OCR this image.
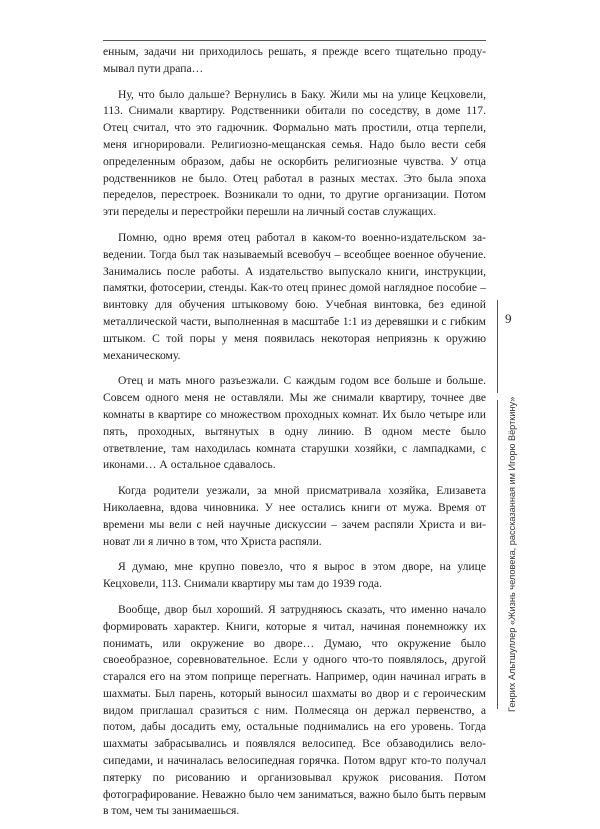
енным, задачи ни приходилось решать, я прежде всего тщательно продумывал пути драпа…

Ну, что было дальше? Вернулись в Баку. Жили мы на улице Кецховели, 113. Снимали квартиру. Родственники обитали по соседству, в доме 117. Отец считал, что это гадючник. Формально мать простили, отца терпели, меня игнорировали. Религиозно-мещанская семья. Надо было вести себя определенным образом, дабы не оскорбить религиозные чувства. У отца родственников не было. Отец работал в разных местах. Это была эпоха переделов, перестроек. Возникали то одни, то другие организации. Потом эти переделы и перестройки перешли на личный состав служащих.

Помню, одно время отец работал в каком-то военно-издательском заведении. Тогда был так называемый всевобуч – всеобщее военное обучение. Занимались после работы. А издательство выпускало книги, инструкции, памятки, фотосерии, стенды. Как-то отец принес домой наглядное пособие – винтовку для обучения штыковому бою. Учебная винтовка, без единой металлической части, выполненная в масштабе 1:1 из деревяшки и с гибким штыком. С той поры у меня появилась некоторая неприязнь к оружию механическому.

Отец и мать много разъезжали. С каждым годом все больше и больше. Совсем одного меня не оставляли. Мы же снимали квартиру, точнее две комнаты в квартире со множеством проходных комнат. Их было четыре или пять, проходных, вытянутых в одну линию. В одном месте было ответвление, там находилась комната старушки хозяйки, с лампадками, с иконами… А остальное сдавалось.

Когда родители уезжали, за мной присматривала хозяйка, Елизавета Николаевна, вдова чиновника. У нее остались книги от мужа. Время от времени мы вели с ней научные дискуссии – зачем распяли Христа и виноват ли я лично в том, что Христа распяли.

Я думаю, мне крупно повезло, что я вырос в этом дворе, на улице Кецховели, 113. Снимали квартиру мы там до 1939 года.

Вообще, двор был хороший. Я затрудняюсь сказать, что именно начало формировать характер. Книги, которые я читал, начиная понемножку их понимать, или окружение во дворе… Думаю, что окружение было своеобразное, соревновательное. Если у одного что-то появлялось, другой старался его на этом поприще перегнать. Например, один начинал играть в шахматы. Был парень, который выносил шахматы во двор и с героическим видом приглашал сразиться с ним. Полмесяца он держал первенство, а потом, дабы досадить ему, остальные поднимались на его уровень. Тогда шахматы забрасывались и появлялся велосипед. Все обзаводились велосипедами, и начиналась велосипедная горячка. Потом вдруг кто-то получал пятерку по рисованию и организовывал кружок рисования. Потом фотографирование. Неважно было чем заниматься, важно было быть первым в том, чем ты занимаешься.

9
Генрих Альтшуллер «Жизнь человека, рассказанная им Игорю Вёрткину»
